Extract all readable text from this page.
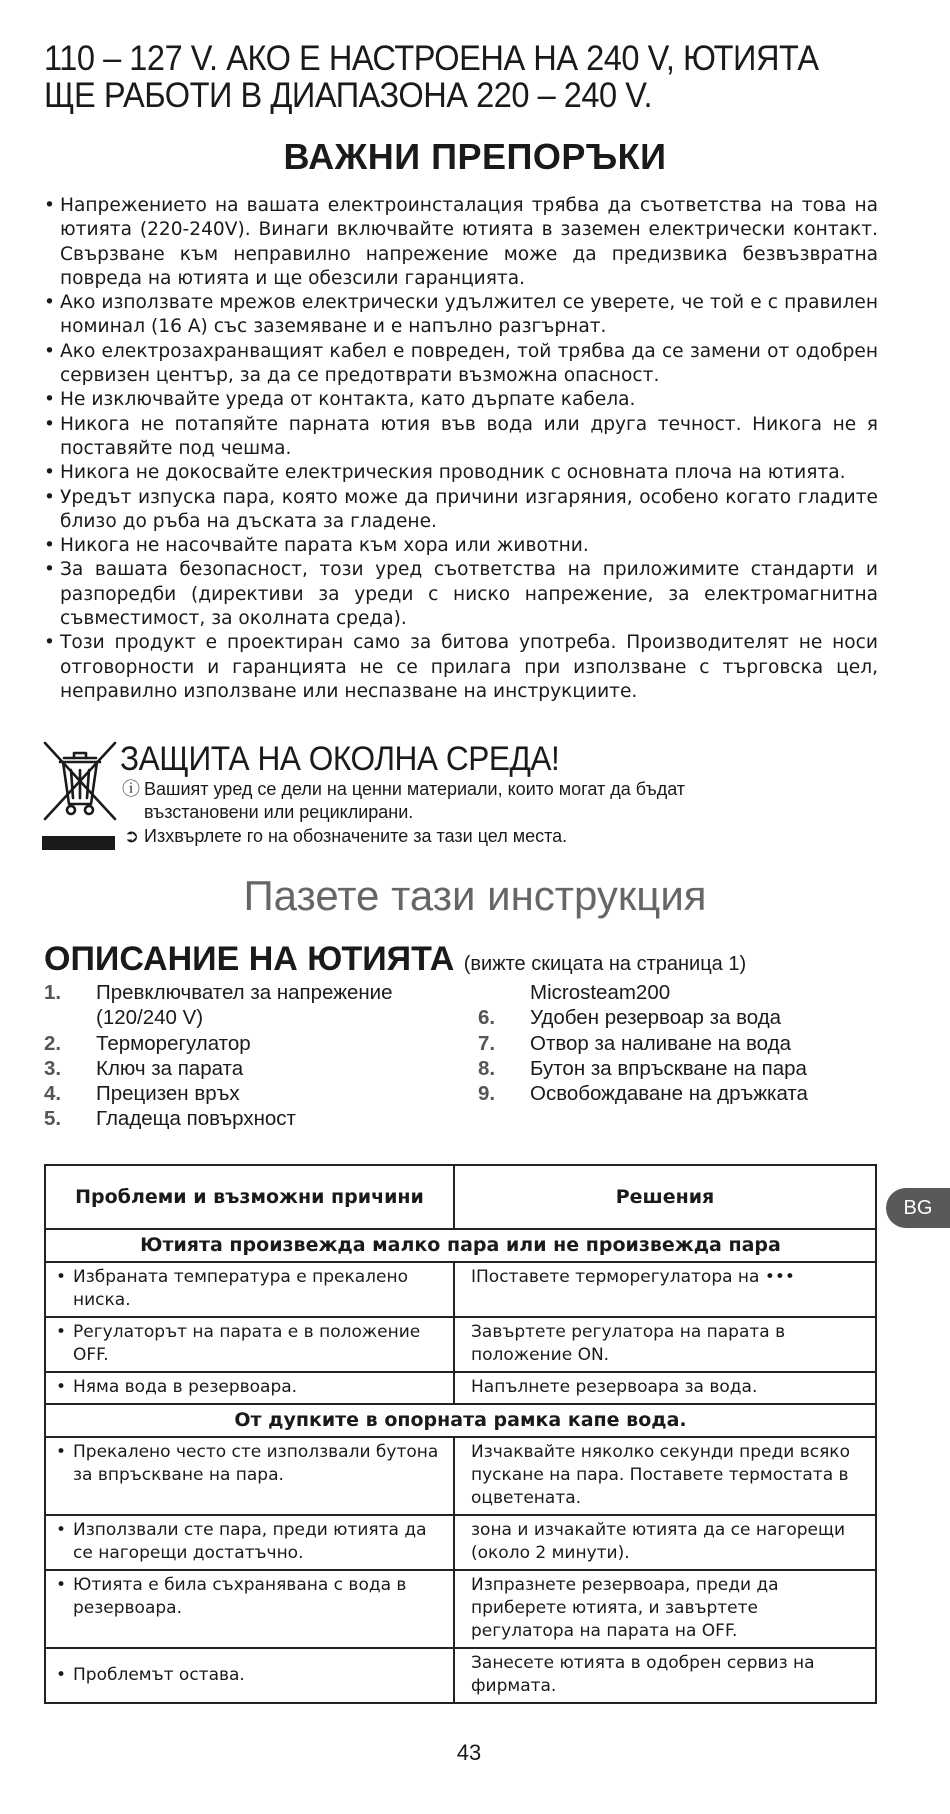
110 – 127 V. АКО Е НАСТРОЕНА НА 240 V, ЮТИЯТА ЩЕ РАБОТИ В ДИАПАЗОНА 220 – 240 V.

ВАЖНИ ПРЕПОРЪКИ
• Напрежението на вашата електроинсталация трябва да съответства на това на ютията (220-240V). Винаги включвайте ютията в заземен електрически контакт. Свързване към неправилно напрежение може да предизвика безвъзвратна повреда на ютията и ще обезсили гаранцията.
• Ако използвате мрежов електрически удължител се уверете, че той е с правилен номинал (16 A) със заземяване и е напълно разгърнат.
• Ако електрозахранващият кабел е повреден, той трябва да се замени от одобрен сервизен център, за да се предотврати възможна опасност.
• Не изключвайте уреда от контакта, като дърпате кабела.
• Никога не потапяйте парната ютия във вода или друга течност. Никога не я поставяйте под чешма.
• Никога не докосвайте електрическия проводник с основната плоча на ютията.
• Уредът изпуска пара, която може да причини изгаряния, особено когато гладите близо до ръба на дъската за гладене.
• Никога не насочвайте парата към хора или животни.
• За вашата безопасност, този уред съответства на приложимите стандарти и разпоредби (директиви за уреди с ниско напрежение, за електромагнитна съвместимост, за околната среда).
• Този продукт е проектиран само за битова употреба. Производителят не носи отговорности и гаранцията не се прилага при използване с търговска цел, неправилно използване или неспазване на инструкциите.
ЗАЩИТА НА ОКОЛНА СРЕДА!
ⓘ Вашият уред се дели на ценни материали, които могат да бъдат
възстановени или рециклирани.
➲ Изхвърлете го на обозначените за тази цел места.
Пазете тази инструкция
ОПИСАНИЕ НА ЮТИЯТА (вижте скицата на страница 1)
1. Превключвател за напрежение (120/240 V)
2. Терморегулатор
3. Ключ за парата
4. Прецизен връх
5. Гладеща повърхност
Microsteam200
6. Удобен резервоар за вода
7. Отвор за наливане на вода
8. Бутон за впръскване на пара
9. Освобождаване на дръжката
Проблеми и възможни причини	Решения
Ютията произвежда малко пара или не произвежда пара	

• Избраната температура е прекалено ниска.	IПоставете терморегулатора на •••

• Регулаторът на парата е в положение OFF.	Завъртете регулатора на парата в положение ON.

• Няма вода в резервоара.	Напълнете резервоара за вода.
От дупките в опорната рамка капе вода.	

• Прекалено често сте използвали бутона за впръскване на пара.	Изчаквайте няколко секунди преди всяко пускане на пара. Поставете термостата в оцветената.

• Използвали сте пара, преди ютията да се нагорещи достатъчно.	зона и изчакайте ютията да се нагорещи (около 2 минути).

• Ютията е била съхранявана с вода в резервоара.	Изпразнете резервоара, преди да приберете ютията, и завъртете регулатора на парата на OFF.

• Проблемът остава.	Занесете ютията в одобрен сервиз на фирмата.
BG
43
